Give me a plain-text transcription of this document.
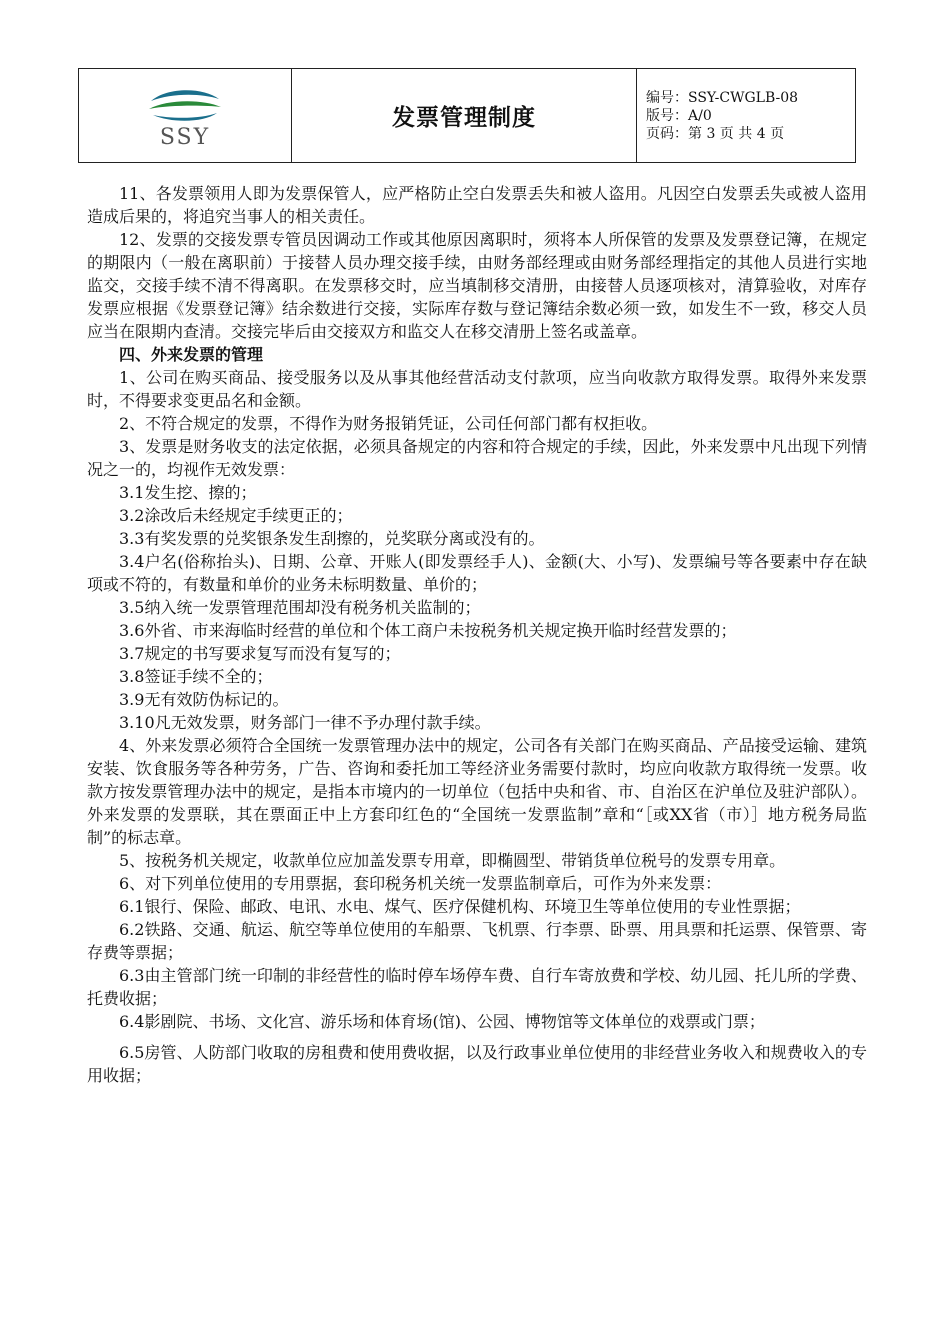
SSY
发票管理制度
编号：SSY-CWGLB-08
版号：A/0
页码：第 3 页 共 4 页

11、各发票领用人即为发票保管人，应严格防止空白发票丢失和被人盗用。凡因空白发票丢失或被人盗用造成后果的，将追究当事人的相关责任。

12、发票的交接发票专管员因调动工作或其他原因离职时，须将本人所保管的发票及发票登记簿，在规定的期限内（一般在离职前）于接替人员办理交接手续，由财务部经理或由财务部经理指定的其他人员进行实地监交，交接手续不清不得离职。在发票移交时，应当填制移交清册，由接替人员逐项核对，清算验收，对库存发票应根据《发票登记簿》结余数进行交接，实际库存数与登记簿结余数必须一致，如发生不一致，移交人员应当在限期内查清。交接完毕后由交接双方和监交人在移交清册上签名或盖章。

四、外来发票的管理

1、公司在购买商品、接受服务以及从事其他经营活动支付款项，应当向收款方取得发票。取得外来发票时，不得要求变更品名和金额。

2、不符合规定的发票，不得作为财务报销凭证，公司任何部门都有权拒收。

3、发票是财务收支的法定依据，必须具备规定的内容和符合规定的手续，因此，外来发票中凡出现下列情况之一的，均视作无效发票：

3.1发生挖、擦的；

3.2涂改后未经规定手续更正的；

3.3有奖发票的兑奖银条发生刮擦的，兑奖联分离或没有的。

3.4户名(俗称抬头)、日期、公章、开账人(即发票经手人)、金额(大、小写)、发票编号等各要素中存在缺项或不符的，有数量和单价的业务未标明数量、单价的；

3.5纳入统一发票管理范围却没有税务机关监制的；

3.6外省、市来海临时经营的单位和个体工商户未按税务机关规定换开临时经营发票的；

3.7规定的书写要求复写而没有复写的；

3.8签证手续不全的；

3.9无有效防伪标记的。

3.10凡无效发票，财务部门一律不予办理付款手续。

4、外来发票必须符合全国统一发票管理办法中的规定，公司各有关部门在购买商品、产品接受运输、建筑安装、饮食服务等各种劳务，广告、咨询和委托加工等经济业务需要付款时，均应向收款方取得统一发票。收款方按发票管理办法中的规定，是指本市境内的一切单位（包括中央和省、市、自治区在沪单位及驻沪部队）。外来发票的发票联，其在票面正中上方套印红色的“全国统一发票监制”章和“［或XX省（市）］地方税务局监制”的标志章。

5、按税务机关规定，收款单位应加盖发票专用章，即椭圆型、带销货单位税号的发票专用章。

6、对下列单位使用的专用票据，套印税务机关统一发票监制章后，可作为外来发票：

6.1银行、保险、邮政、电讯、水电、煤气、医疗保健机构、环境卫生等单位使用的专业性票据；

6.2铁路、交通、航运、航空等单位使用的车船票、飞机票、行李票、卧票、用具票和托运票、保管票、寄存费等票据；

6.3由主管部门统一印制的非经营性的临时停车场停车费、自行车寄放费和学校、幼儿园、托儿所的学费、托费收据；

6.4影剧院、书场、文化宫、游乐场和体育场(馆)、公园、博物馆等文体单位的戏票或门票；

6.5房管、人防部门收取的房租费和使用费收据，以及行政事业单位使用的非经营业务收入和规费收入的专用收据；
